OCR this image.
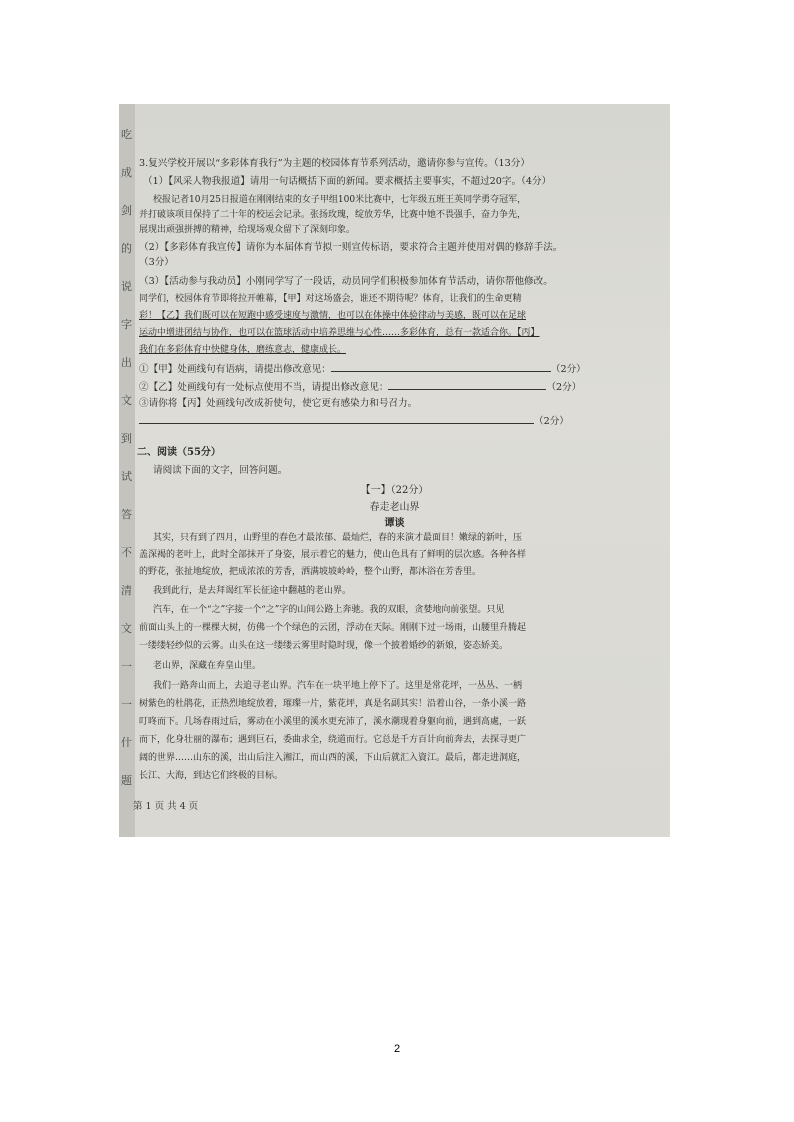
吃
成
剑
的
说
字
出
文
到
试
答
不
清
文
一
一
什
题

3.复兴学校开展以“多彩体育我行”为主题的校园体育节系列活动，邀请你参与宣传。（13分）
（1）【风采人物我报道】请用一句话概括下面的新闻。要求概括主要事实，不超过20字。（4分）
校报记者10月25日报道在刚刚结束的女子甲组100米比赛中，七年级五班王英同学勇夺冠军，
并打破该项目保持了二十年的校运会记录。张扬玫瑰，绽放芳华，比赛中她不畏强手，奋力争先，
展现出顽强拼搏的精神，给现场观众留下了深刻印象。
（2）【多彩体育我宣传】请你为本届体育节拟一则宣传标语，要求符合主题并使用对偶的修辞手法。
（3分）
（3）【活动参与我动员】小刚同学写了一段话，动员同学们积极参加体育节活动，请你帮他修改。
同学们，校园体育节即将拉开帷幕，【甲】对这场盛会，谁还不期待呢？体育，让我们的生命更精
彩！【乙】我们既可以在短跑中感受速度与激情，也可以在体操中体验律动与美感，既可以在足球
运动中增进团结与协作，也可以在篮球活动中培养思维与心性……多彩体育，总有一款适合你。【丙】
我们在多彩体育中快健身体，磨练意志，健康成长。
①【甲】处画线句有语病，请提出修改意见：	（2分）
②【乙】处画线句有一处标点使用不当，请提出修改意见：	（2分）
③请你将【丙】处画线句改成祈使句，使它更有感染力和号召力。
（2分）
二、阅读（55分）
请阅读下面的文字，回答问题。
【一】（22分）
春走老山界
谭谈
其实，只有到了四月，山野里的春色才最浓郁、最灿烂，春的来演才最面目！嫩绿的新叶，压
盖深褐的老叶上，此时全部抹开了身姿，展示着它的魅力，使山色具有了鲜明的层次感。各种各样
的野花，张扯地绽放，把成浓浓的芳香，洒满坡坡岭岭，整个山野，都沐浴在芳香里。
我到此行，是去拜谒红军长征途中翻越的老山界。
汽车，在一个“之”字接一个“之”字的山间公路上奔驰。我的双眼，贪婪地向前张望。只见
前面山头上的一棵棵大树，仿佛一个个绿色的云团，浮动在天际。刚刚下过一场雨，山腰里升腾起
一缕缕轻纱似的云雾。山头在这一缕缕云雾里时隐时现，像一个披着婚纱的新娘，姿态娇美。
老山界，深藏在弃皇山里。
我们一路奔山而上，去追寻老山界。汽车在一块平地上停下了。这里是常花坪，一丛丛、一柄
树紫色的杜鹃花，正热烈地绽放着，璀璨一片，紫花坪，真是名副其实！沿着山谷，一条小溪一路
叮咚而下。几场春雨过后，雾动在小溪里的溪水更充沛了，溪水潮现着身躯向前，遇到高處，一跃
而下，化身壮丽的瀑布；遇到巨石，委曲求全，绕道而行。它总是千方百计向前奔去，去探寻更广
阔的世界……山东的溪，出山后注入湘江，而山西的溪，下山后就汇入資江。最后，都走进洞庭，
长江、大海，到达它们终极的目标。
第 1 页 共 4 页
2
